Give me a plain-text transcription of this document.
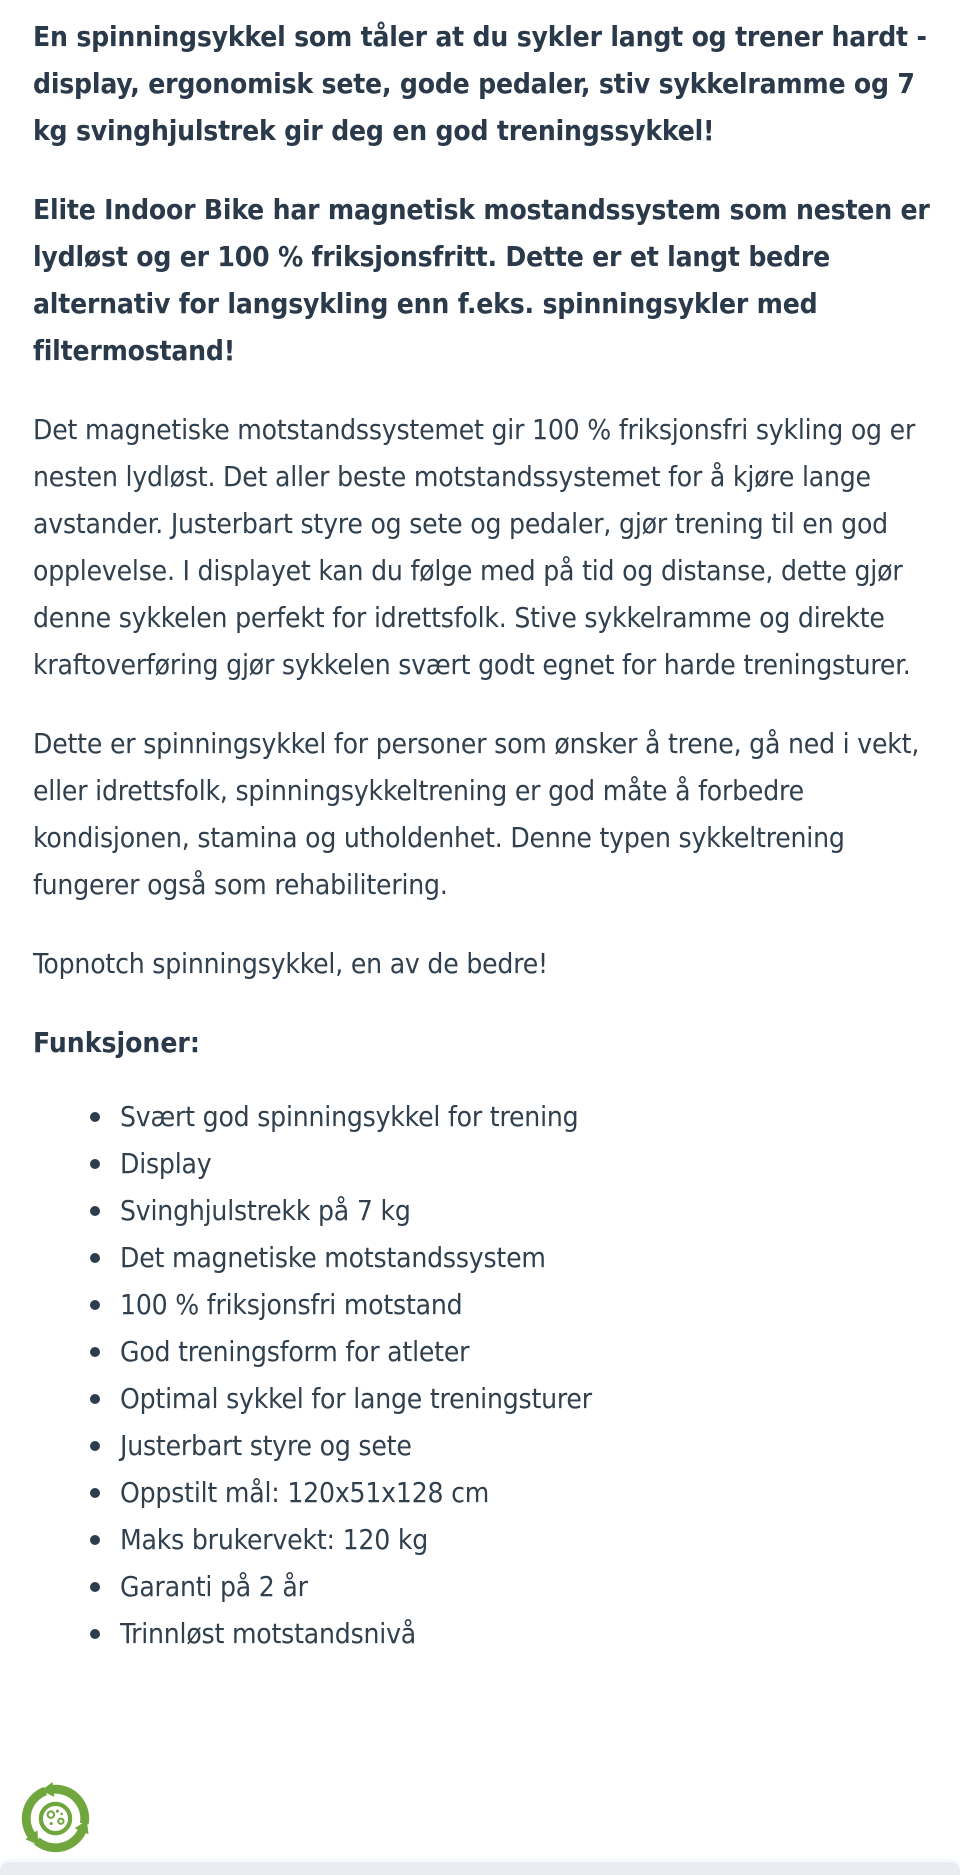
En spinningsykkel som tåler at du sykler langt og trener hardt - display, ergonomisk sete, gode pedaler, stiv sykkelramme og 7 kg svinghjulstrek gir deg en god treningssykkel!

Elite Indoor Bike har magnetisk mostandssystem som nesten er lydløst og er 100 % friksjonsfritt. Dette er et langt bedre alternativ for langsykling enn f.eks. spinningsykler med filtermostand!

Det magnetiske motstandssystemet gir 100 % friksjonsfri sykling og er nesten lydløst. Det aller beste motstandssystemet for å kjøre lange avstander. Justerbart styre og sete og pedaler, gjør trening til en god opplevelse. I displayet kan du følge med på tid og distanse, dette gjør denne sykkelen perfekt for idrettsfolk. Stive sykkelramme og direkte kraftoverføring gjør sykkelen svært godt egnet for harde treningsturer.

Dette er spinningsykkel for personer som ønsker å trene, gå ned i vekt, eller idrettsfolk, spinningsykkeltrening er god måte å forbedre kondisjonen, stamina og utholdenhet. Denne typen sykkeltrening fungerer også som rehabilitering.

Topnotch spinningsykkel, en av de bedre!

Funksjoner:

Svært god spinningsykkel for trening
Display
Svinghjulstrekk på 7 kg
Det magnetiske motstandssystem
100 % friksjonsfri motstand
God treningsform for atleter
Optimal sykkel for lange treningsturer
Justerbart styre og sete
Oppstilt mål: 120x51x128 cm
Maks brukervekt: 120 kg
Garanti på 2 år
Trinnløst motstandsnivå
